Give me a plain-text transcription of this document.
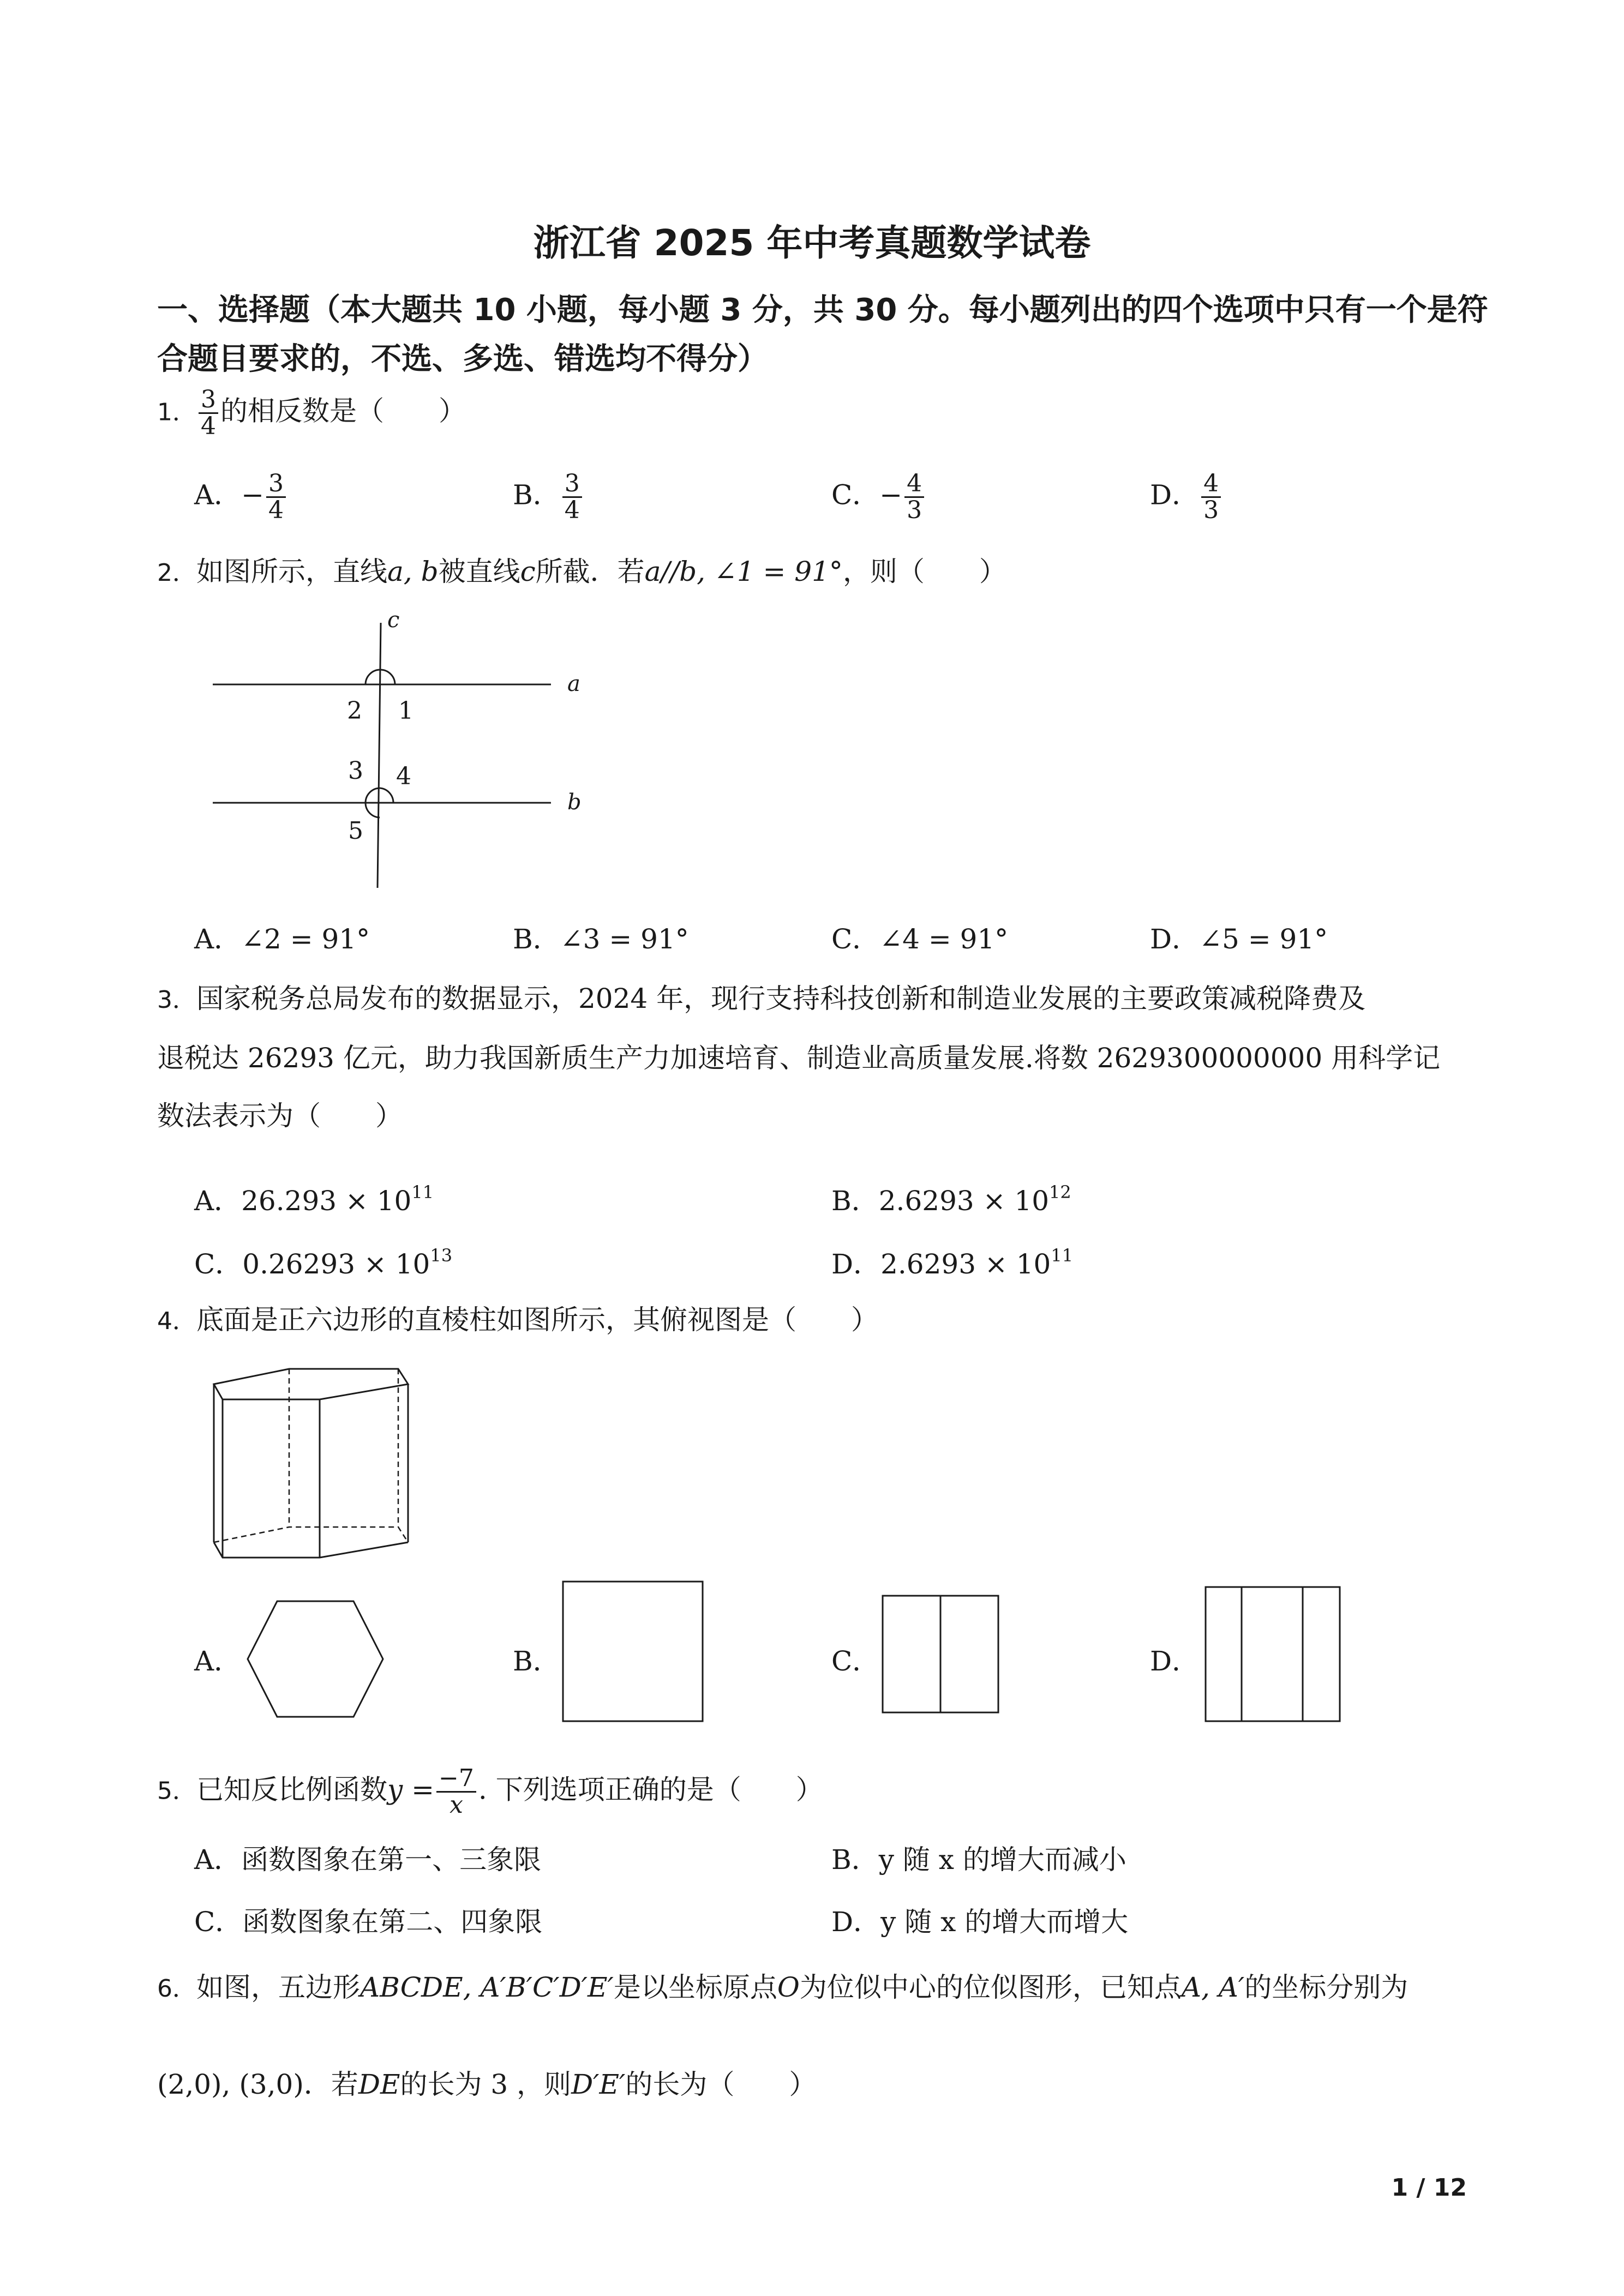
浙江省 2025 年中考真题数学试卷
一、选择题（本大题共 10 小题，每小题 3 分，共 30 分。每小题列出的四个选项中只有一个是符合题目要求的，不选、多选、错选均不得分）
1． $\frac{3}{4}$ 的相反数是（　　）
A．− $\frac{3}{4}$	B． $\frac{3}{4}$	C．− $\frac{4}{3}$	D． $\frac{4}{3}$
2．如图所示，直线a, b被直线c所截．若a//b, ∠1 = 91°，则（　　）
c
a
b
2 1
3 4
5
A．∠2 = 91°	B．∠3 = 91°	C．∠4 = 91°	D．∠5 = 91°
3．国家税务总局发布的数据显示，2024 年，现行支持科技创新和制造业发展的主要政策减税降费及
退税达 26293 亿元，助力我国新质生产力加速培育、制造业高质量发展.将数 2629300000000 用科学记
数法表示为（　　）
A．$26.293 \times 10^{11}$	B．$2.6293 \times 10^{12}$
C．$0.26293 \times 10^{13}$	D．$2.6293 \times 10^{11}$
4．底面是正六边形的直棱柱如图所示，其俯视图是（　　）
A．	B．	C．	D．
5．已知反比例函数$y = \frac{-7}{x}$ . 下列选项正确的是（　　）
A．函数图象在第一、三象限	B．y 随 x 的增大而减小
C．函数图象在第二、四象限	D．y 随 x 的增大而增大
6．如图，五边形ABCDE, A′B′C′D′E′是以坐标原点O为位似中心的位似图形，已知点A, A′的坐标分别为
(2,0), (3,0)．若DE的长为 3 ，则D′E′的长为（　　）
1 / 12
